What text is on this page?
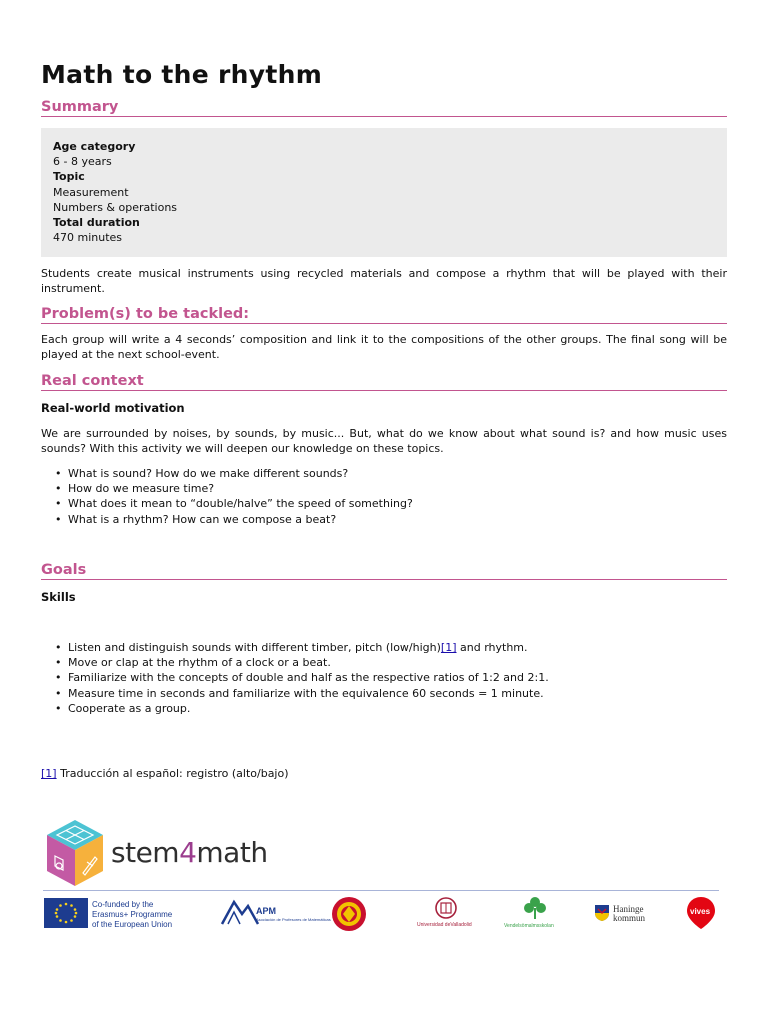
Math to the rhythm
Summary
Age category
6 - 8 years
Topic
Measurement
Numbers & operations
Total duration
470 minutes

Students create musical instruments using recycled materials and compose a rhythm that will be played with their instrument.

Problem(s) to be tackled:

Each group will write a 4 seconds’ composition and link it to the compositions of the other groups. The final song will be played at the next school-event.

Real context
Real-world motivation

We are surrounded by noises, by sounds, by music... But, what do we know about what sound is? and how music uses sounds? With this activity we will deepen our knowledge on these topics.

• What is sound? How do we make different sounds?
• How do we measure time?
• What does it mean to “double/halve” the speed of something?
• What is a rhythm? How can we compose a beat?
Goals
Skills
• Listen and distinguish sounds with different timber, pitch (low/high)[1] and rhythm.
• Move or clap at the rhythm of a clock or a beat.
• Familiarize with the concepts of double and half as the respective ratios of 1:2 and 2:1.
• Measure time in seconds and familiarize with the equivalence 60 seconds = 1 minute.
• Cooperate as a group.

[1] Traducción al español: registro (alto/bajo)

stem4math
Co-funded by the
Erasmus+ Programme
of the European Union
APM
Asociación de Profesores de Matemáticas
Universidad deValladolid	Vendelsömalmsskolan
Haninge
kommun
vives
